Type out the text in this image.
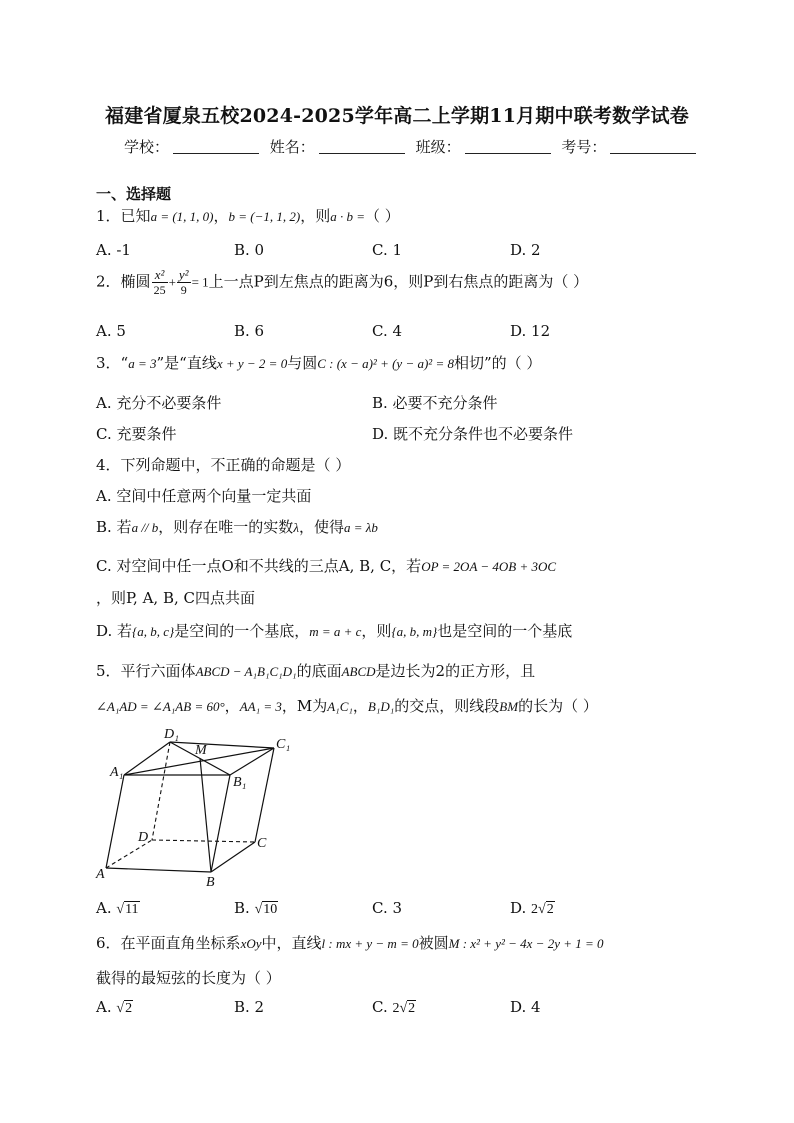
福建省厦泉五校2024-2025学年高二上学期11月期中联考数学试卷
学校：	姓名：	班级：	考号：
一、选择题
1．已知a = (1, 1, 0)，b = (−1, 1, 2)，则a · b =（ ）
A. -1	B. 0	C. 1	D. 2
2．椭圆 $\frac{\text{x²}}{25} + \frac{\text{y²}}{9} = 1$上一点P到左焦点的距离为6，则P到右焦点的距离为（ ）
A. 5	B. 6	C. 4	D. 12
3．“a = 3”是“直线x + y − 2 = 0与圆C : (x − a)² + (y − a)² = 8相切”的（ ）
A. 充分不必要条件	B. 必要不充分条件
C. 充要条件	D. 既不充分条件也不必要条件
4．下列命题中，不正确的命题是（ ）
A. 空间中任意两个向量一定共面
B. 若a // b，则存在唯一的实数λ，使得a = λb
C. 对空间中任一点O和不共线的三点A, B, C，若OP = 2OA − 4OB + 3OC
，则P, A, B, C四点共面
D. 若{a, b, c}是空间的一个基底，m = a + c，则{a, b, m}也是空间的一个基底
5．平行六面体ABCD − A₁B₁C₁D₁的底面ABCD是边长为2的正方形，且
∠A₁AD = ∠A₁AB = 60°，AA₁ = 3，M为A₁C₁，B₁D₁的交点，则线段BM的长为（ ）
D₁
M	C₁
A₁
B₁
D	C
A
B
A. √11	B. √10	C. 3	D. 2√2
6．在平面直角坐标系xOy中，直线l : mx + y − m = 0被圆M : x² + y² − 4x − 2y + 1 = 0
截得的最短弦的长度为（ ）
A. √2	B. 2	C. 2√2	D. 4
